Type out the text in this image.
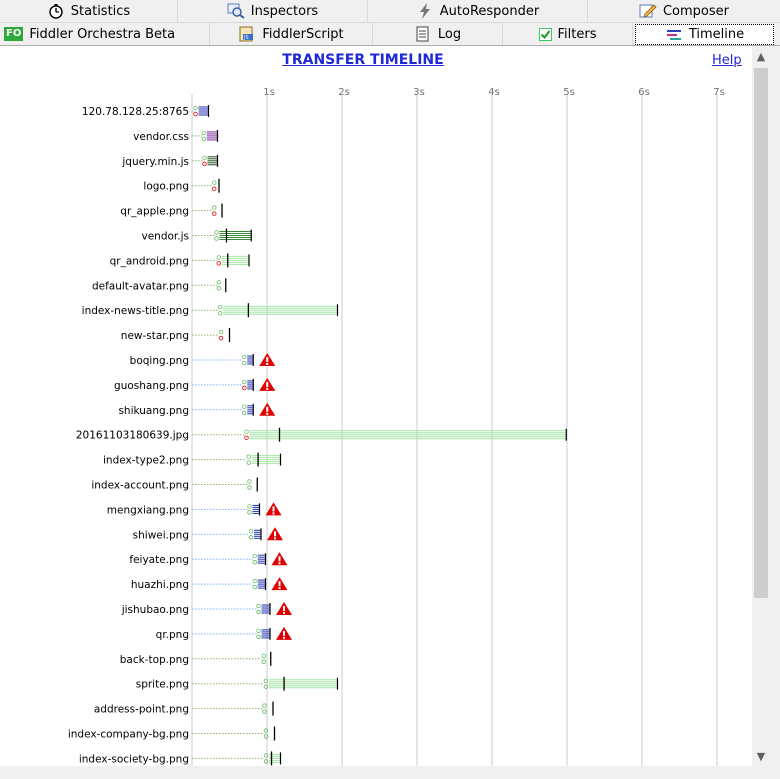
Statistics	Inspectors	AutoResponder	Composer
FO Fiddler Orchestra Beta	JS FiddlerScript	Log	Filters	Timeline
TRANSFER TIMELINE	Help
1s	2s	3s	4s	5s	6s	7s
120.78.128.25:8765
vendor.css
jquery.min.js
logo.png
qr_apple.png
vendor.js
qr_android.png
default-avatar.png
index-news-title.png
new-star.png
boqing.png
guoshang.png
shikuang.png
20161103180639.jpg
index-type2.png
index-account.png
mengxiang.png
shiwei.png
feiyate.png
huazhi.png
jishubao.png
qr.png
back-top.png
sprite.png
address-point.png
index-company-bg.png
index-society-bg.png
▲
▼
